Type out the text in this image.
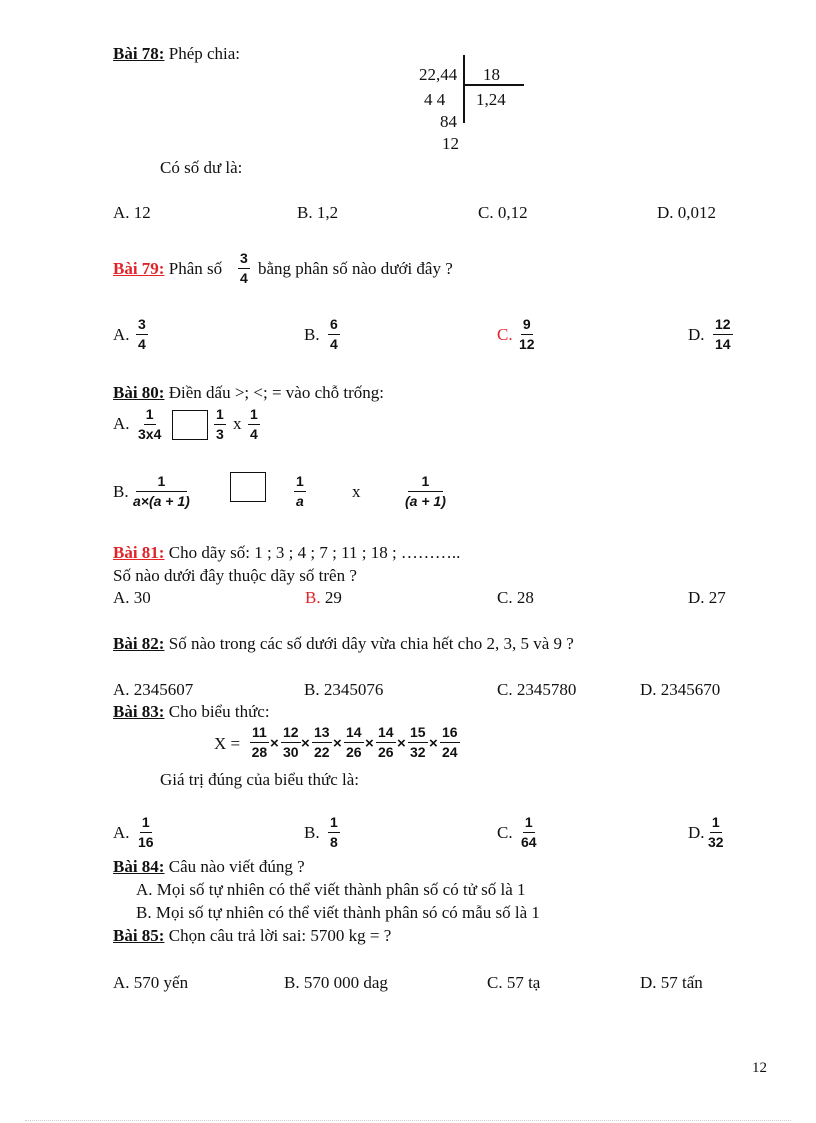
Bài 78: Phép chia:
22,44 18
4 4 1,24
84
12
Có số dư là:
A. 12	B. 1,2	C. 0,12	D. 0,012
Bài 79: Phân số $\frac{3}{4}$ bằng phân số nào dưới đây ?
A. $\frac{3}{4}$	B. $\frac{6}{4}$	C. $\frac{9}{12}$	D. $\frac{12}{14}$
Bài 80: Điền dấu >; <; = vào chỗ trống:
A. $\frac{1}{3x4}$	$\frac{1}{3}$ x $\frac{1}{4}$
B. $\frac{1}{a\times(a + 1)}$	$\frac{1}{a}$	x	$\frac{1}{(a + 1)}$
Bài 81: Cho dãy số: 1 ; 3 ; 4 ; 7 ; 11 ; 18 ; ………..
Số nào dưới đây thuộc dãy số trên ?
A. 30	B. 29	C. 28	D. 27
Bài 82: Số nào trong các số dưới dây vừa chia hết cho 2, 3, 5 và 9 ?
A. 2345607	B. 2345076	C. 2345780	D. 2345670
Bài 83: Cho biểu thức:
$X = \frac{11}{28} \times \frac{12}{30} \times \frac{13}{22} \times \frac{14}{26} \times \frac{14}{26} \times \frac{15}{32} \times \frac{16}{24}$
Giá trị đúng của biểu thức là:
A. $\frac{1}{16}$	B. $\frac{1}{8}$	C. $\frac{1}{64}$	D. $\frac{1}{32}$
Bài 84: Câu nào viết đúng ?
A. Mọi số tự nhiên có thể viết thành phân số có tử số là 1
B. Mọi số tự nhiên có thể viết thành phân só có mẫu số là 1
Bài 85: Chọn câu trả lời sai: 5700 kg = ?
A. 570 yến	B. 570 000 dag	C. 57 tạ	D. 57 tấn
12
